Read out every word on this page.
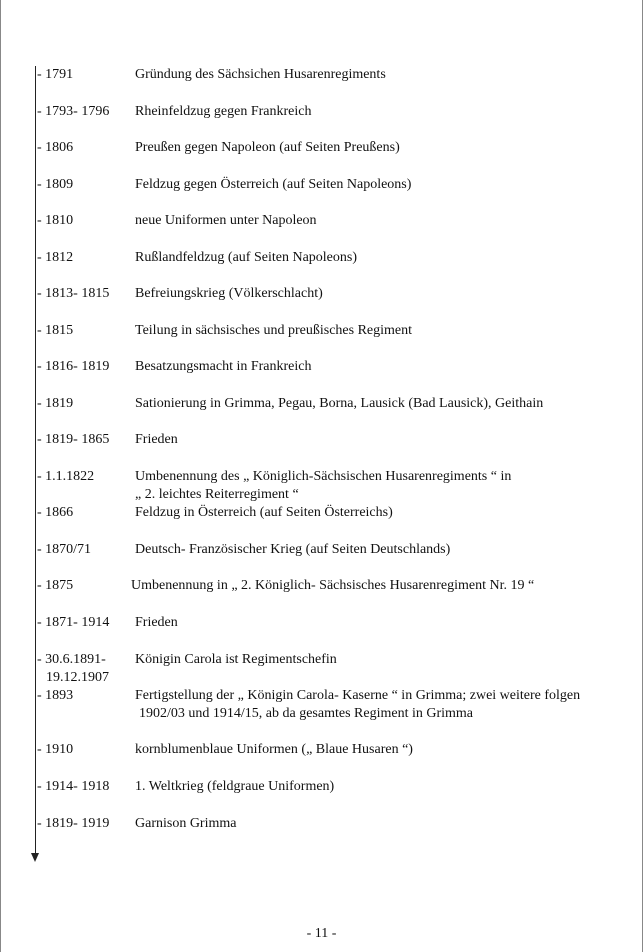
- 1791	Gründung des Sächsichen Husarenregiments
- 1793- 1796 Rheinfeldzug gegen Frankreich
- 1806	Preußen gegen Napoleon (auf Seiten Preußens)
- 1809	Feldzug gegen Österreich (auf Seiten Napoleons)
- 1810	neue Uniformen unter Napoleon
- 1812	Rußlandfeldzug (auf Seiten Napoleons)
- 1813- 1815 Befreiungskrieg (Völkerschlacht)
- 1815	Teilung in sächsisches und preußisches Regiment
- 1816- 1819 Besatzungsmacht in Frankreich
- 1819	Sationierung in Grimma, Pegau, Borna, Lausick (Bad Lausick), Geithain
- 1819- 1865 Frieden
- 1.1.1822	Umbenennung des „ Königlich-Sächsischen Husarenregiments “ in
„ 2. leichtes Reiterregiment “
- 1866	Feldzug in Österreich (auf Seiten Österreichs)
- 1870/71	Deutsch- Französischer Krieg (auf Seiten Deutschlands)
- 1875	Umbenennung in „ 2. Königlich- Sächsisches Husarenregiment Nr. 19 “
- 1871- 1914 Frieden
- 30.6.1891- Königin Carola ist Regimentschefin
19.12.1907
- 1893	Fertigstellung der „ Königin Carola- Kaserne “ in Grimma; zwei weitere folgen
1902/03 und 1914/15, ab da gesamtes Regiment in Grimma
- 1910	kornblumenblaue Uniformen („ Blaue Husaren “)
- 1914- 1918 1. Weltkrieg (feldgraue Uniformen)
- 1819- 1919 Garnison Grimma
- 11 -
